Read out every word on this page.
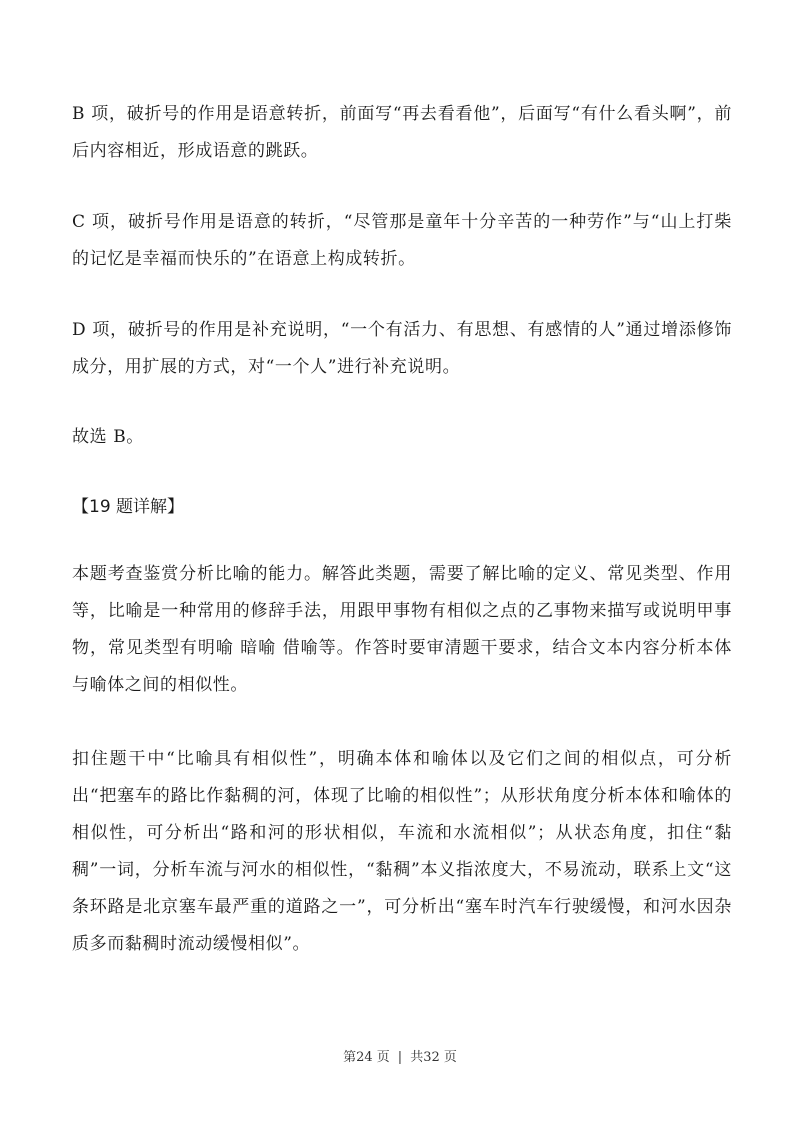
B 项，破折号的作用是语意转折，前面写“再去看看他”，后面写“有什么看头啊”，前后内容相近，形成语意的跳跃。

C 项，破折号作用是语意的转折，“尽管那是童年十分辛苦的一种劳作”与“山上打柴的记忆是幸福而快乐的”在语意上构成转折。

D 项，破折号的作用是补充说明，“一个有活力、有思想、有感情的人”通过增添修饰成分，用扩展的方式，对“一个人”进行补充说明。

故选 B。

【19 题详解】

本题考查鉴赏分析比喻的能力。解答此类题，需要了解比喻的定义、常见类型、作用等，比喻是一种常用的修辞手法，用跟甲事物有相似之点的乙事物来描写或说明甲事物，常见类型有明喻 暗喻 借喻等。作答时要审清题干要求，结合文本内容分析本体与喻体之间的相似性。

扣住题干中“比喻具有相似性”，明确本体和喻体以及它们之间的相似点，可分析出“把塞车的路比作黏稠的河，体现了比喻的相似性”；从形状角度分析本体和喻体的相似性，可分析出“路和河的形状相似，车流和水流相似”；从状态角度，扣住“黏稠”一词，分析车流与河水的相似性，“黏稠”本义指浓度大，不易流动，联系上文“这条环路是北京塞车最严重的道路之一”，可分析出“塞车时汽车行驶缓慢，和河水因杂质多而黏稠时流动缓慢相似”。

第24 页 | 共32 页
